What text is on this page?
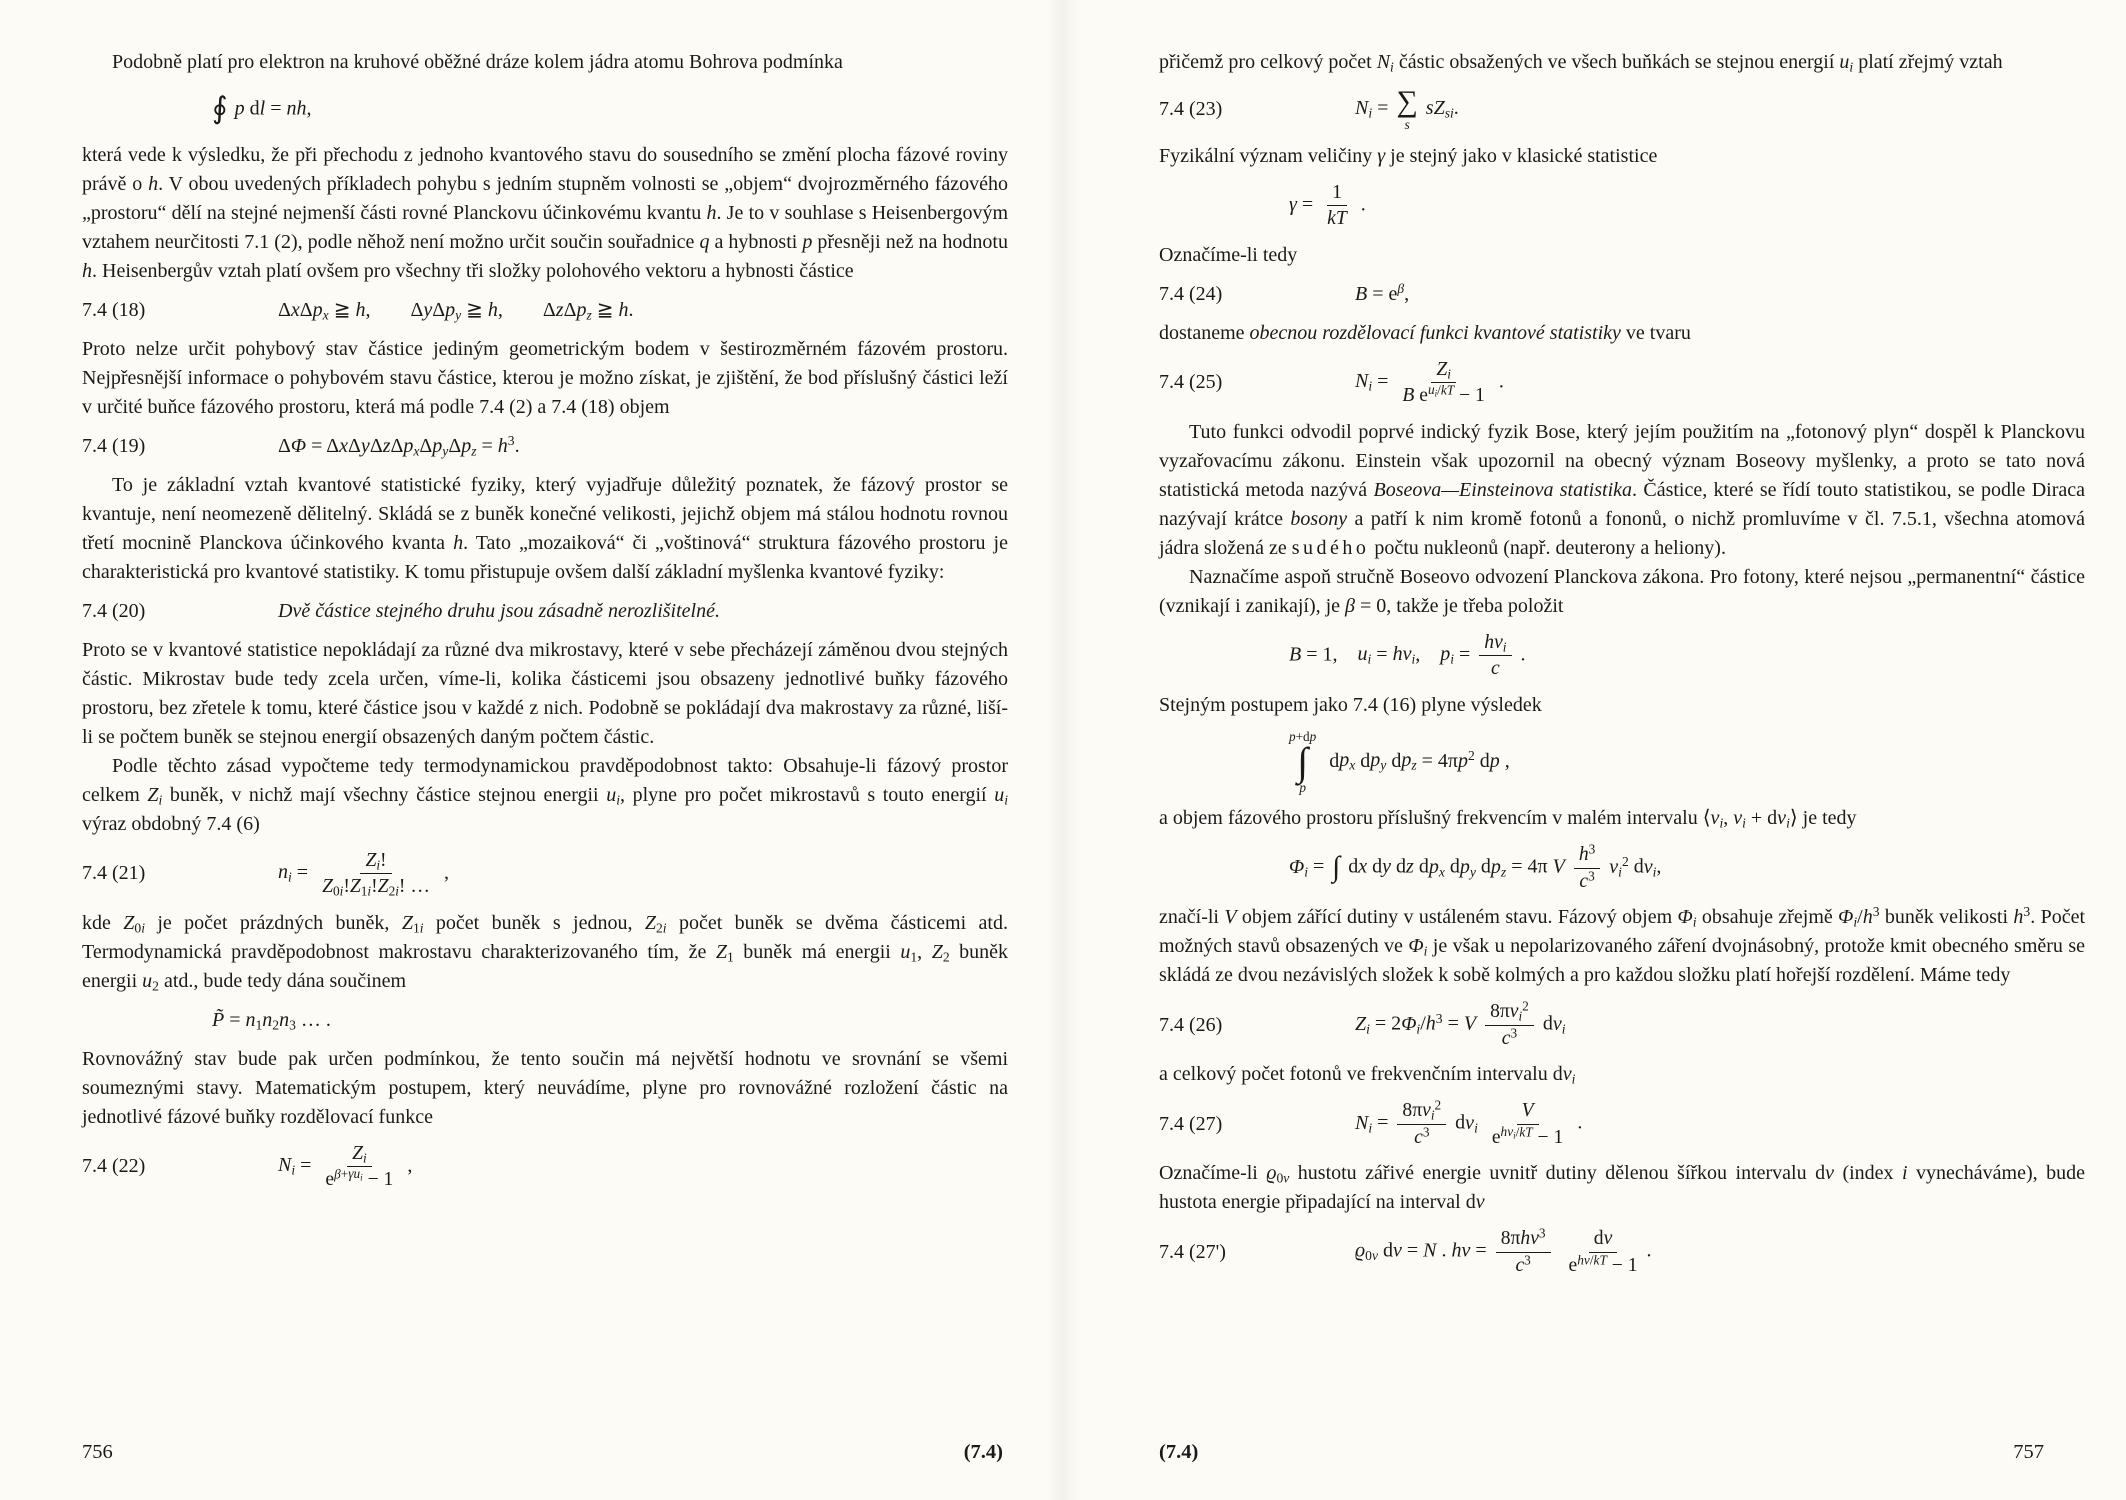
Podobně platí pro elektron na kruhové oběžné dráze kolem jádra atomu Bohrova podmínka

∮ p dl = nh,

která vede k výsledku, že při přechodu z jednoho kvantového stavu do sousedního se změní plocha fázové roviny právě o h. V obou uvedených příkladech pohybu s jedním stupněm volnosti se „objem“ dvojrozměrného fázového „prostoru“ dělí na stejné nejmenší části rovné Planckovu účinkovému kvantu h. Je to v souhlase s Heisenbergovým vztahem neurčitosti 7.1 (2), podle něhož není možno určit součin souřadnice q a hybnosti p přesněji než na hodnotu h. Heisenbergův vztah platí ovšem pro všechny tři složky polohového vektoru a hybnosti částice

7.4 (18)	ΔxΔp$_x$ ≧ h,  ΔyΔp$_y$ ≧ h,  ΔzΔp$_z$ ≧ h.

Proto nelze určit pohybový stav částice jediným geometrickým bodem v šestirozměrném fázovém prostoru. Nejpřesnější informace o pohybovém stavu částice, kterou je možno získat, je zjištění, že bod příslušný částici leží v určité buňce fázového prostoru, která má podle 7.4 (2) a 7.4 (18) objem

7.4 (19)	$\Delta\Phi = \Delta x\Delta y\Delta z\Delta p_x\Delta p_y\Delta p_z = h^3$.

To je základní vztah kvantové statistické fyziky, který vyjadřuje důležitý poznatek, že fázový prostor se kvantuje, není neomezeně dělitelný. Skládá se z buněk konečné velikosti, jejichž objem má stálou hodnotu rovnou třetí mocnině Planckova účinkového kvanta h. Tato „mozaiková“ či „voštinová“ struktura fázového prostoru je charakteristická pro kvantové statistiky. K tomu přistupuje ovšem další základní myšlenka kvantové fyziky:

7.4 (20)	Dvě částice stejného druhu jsou zásadně nerozlišitelné.

Proto se v kvantové statistice nepokládají za různé dva mikrostavy, které v sebe přecházejí záměnou dvou stejných částic. Mikrostav bude tedy zcela určen, víme-li, kolika částicemi jsou obsazeny jednotlivé buňky fázového prostoru, bez zřetele k tomu, které částice jsou v každé z nich. Podobně se pokládají dva makrostavy za různé, liší-li se počtem buněk se stejnou energií obsazených daným počtem částic.

Podle těchto zásad vypočteme tedy termodynamickou pravděpodobnost takto: Obsahuje-li fázový prostor celkem $Z_i$ buněk, v nichž mají všechny částice stejnou energii $u_i$, plyne pro počet mikrostavů s touto energií $u_i$ výraz obdobný 7.4 (6)

7.4 (21)	$n_i = \frac{Z_i!}{Z_{0i}!Z_{1i}!Z_{2i}! \dots}$ ,

kde $Z_{0i}$ je počet prázdných buněk, $Z_{1i}$ počet buněk s jednou, $Z_{2i}$ počet buněk se dvěma částicemi atd. Termodynamická pravděpodobnost makrostavu charakterizovaného tím, že $Z_1$ buněk má energii $u_1$, $Z_2$ buněk energii $u_2$ atd., bude tedy dána součinem

P̃ = $n_1n_2n_3$ … .

Rovnovážný stav bude pak určen podmínkou, že tento součin má největší hodnotu ve srovnání se všemi soumeznými stavy. Matematickým postupem, který neuvádíme, plyne pro rovnovážné rozložení částic na jednotlivé fázové buňky rozdělovací funkce

7.4 (22)	$N_i = \frac{Z_i}{e^{\beta+\gamma u_i} - 1}$ ,
756	(7.4)

přičemž pro celkový počet $N_i$ částic obsažených ve všech buňkách se stejnou energií $u_i$ platí zřejmý vztah

7.4 (23)	$N_i$ = ∑
s
$sZ_{si}$.

Fyzikální význam veličiny γ je stejný jako v klasické statistice

$\gamma = \frac{1}{kT}$ .

Označíme-li tedy

7.4 (24)	$B = e^\beta$,

dostaneme obecnou rozdělovací funkci kvantové statistiky ve tvaru

7.4 (25)	$N_i = \frac{Z_i}{B e^{u_i/kT} - 1}$ .

Tuto funkci odvodil poprvé indický fyzik Bose, který jejím použitím na „fotonový plyn“ dospěl k Planckovu vyzařovacímu zákonu. Einstein však upozornil na obecný význam Boseovy myšlenky, a proto se tato nová statistická metoda nazývá Boseova—Einsteinova statistika. Částice, které se řídí touto statistikou, se podle Diraca nazývají krátce bosony a patří k nim kromě fotonů a fononů, o nichž promluvíme v čl. 7.5.1, všechna atomová jádra složená ze sudého počtu nukleonů (např. deuterony a heliony).

Naznačíme aspoň stručně Boseovo odvození Planckova zákona. Pro fotony, které nejsou „permanentní“ částice (vznikají i zanikají), je β = 0, takže je třeba položit

B = 1, $u_i = h\nu_i$, $p_i = \frac{h\nu_i}{c}$ .

Stejným postupem jako 7.4 (16) plyne výsledek

p+dp
∫
p
$dp_x$ $dp_y$ $dp_z = 4\pi p^2$ dp ,

a objem fázového prostoru příslušný frekvencím v malém intervalu $⟨\nu_i$, $\nu_i$ + $d\nu_i⟩$ je tedy

$\Phi_i$ = ∫ dx dy dz $dp_x$ $dp_y$ $dp_z = 4\pi$ V $\frac{h^3}{c^3} \nu_i^2$ $d\nu_i$,

značí-li V objem zářící dutiny v ustáleném stavu. Fázový objem $\Phi_i$ obsahuje zřejmě $\Phi_i/h^3$ buněk velikosti $h^3$. Počet možných stavů obsazených ve $\Phi_i$ je však u nepolarizovaného záření dvojnásobný, protože kmit obecného směru se skládá ze dvou nezávislých složek k sobě kolmých a pro každou složku platí hořejší rozdělení. Máme tedy

7.4 (26)	$Z_i = 2\Phi_i/h^3 = V \frac{8\pi\nu_i^2}{c^3} d\nu_i$

a celkový počet fotonů ve frekvenčním intervalu $d\nu_i$

7.4 (27)	$N_i = \frac{8\pi\nu_i^2}{c^3} d\nu_i \frac{V}{e^{h\nu_i/kT} - 1}$ .

Označíme-li $ϱ_{0\nu}$ hustotu zářivé energie uvnitř dutiny dělenou šířkou intervalu dν (index i vynecháváme), bude hustota energie připadající na interval dν

7.4 (27')	$ϱ_{0\nu}$ dν = N . $h\nu = \frac{8\pi h\nu^3}{c^3}$
$\frac{d\nu}{e^{h\nu/kT} - 1}$ .
(7.4)	757
